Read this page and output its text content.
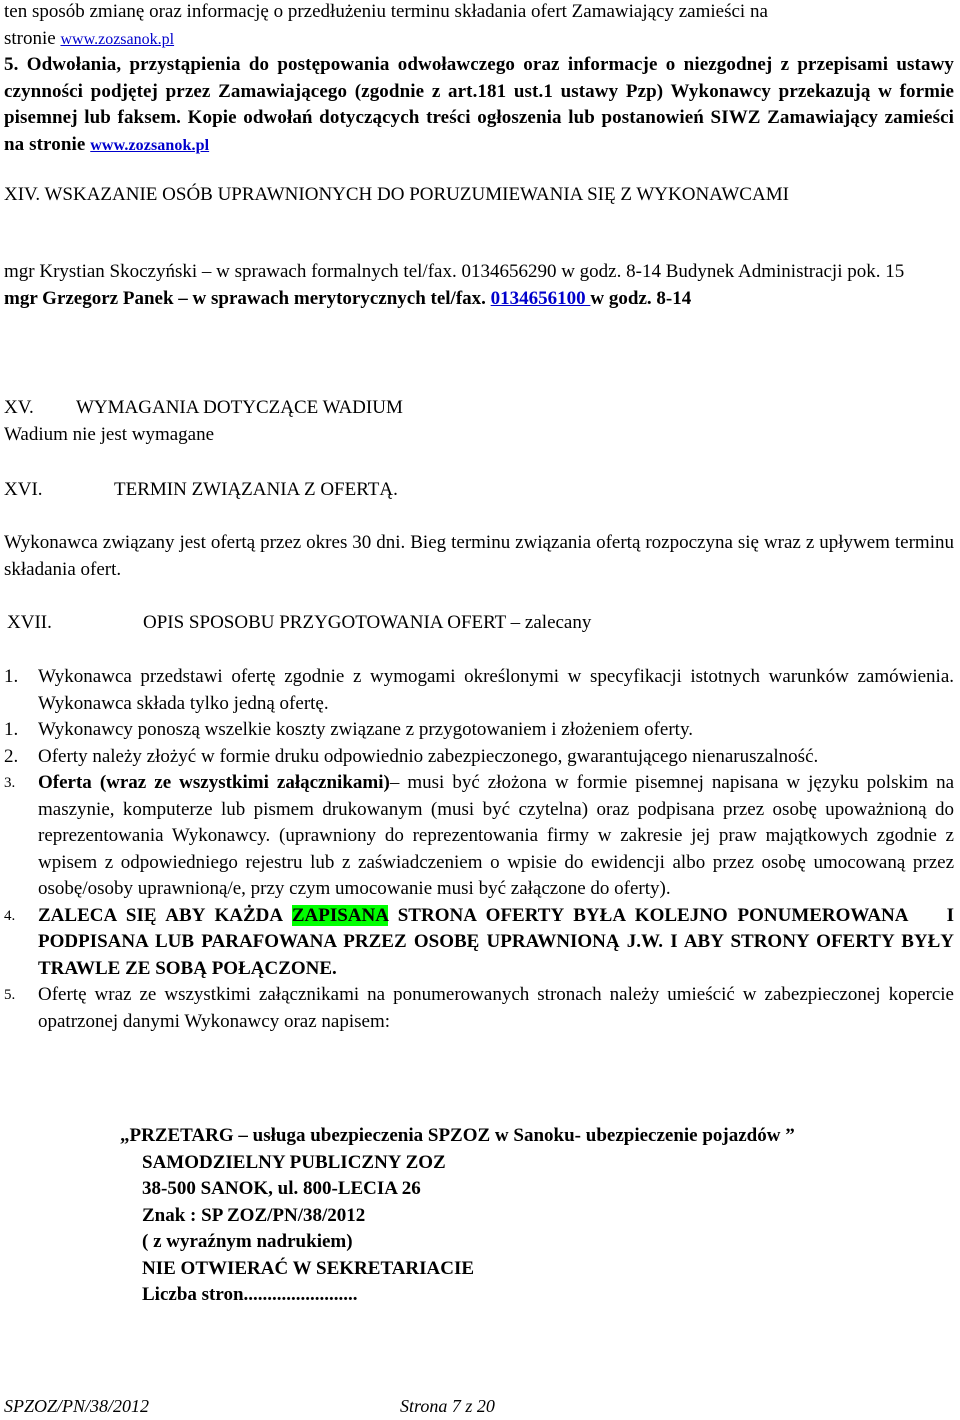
ten sposób zmianę oraz informację o przedłużeniu terminu składania ofert Zamawiający zamieści na

stronie www.zozsanok.pl

5. Odwołania, przystąpienia do postępowania odwoławczego oraz informacje o niezgodnej z przepisami ustawy czynności podjętej przez Zamawiającego (zgodnie z art.181 ust.1 ustawy Pzp) Wykonawcy przekazują w formie pisemnej lub faksem. Kopie odwołań dotyczących treści ogłoszenia lub postanowień SIWZ Zamawiający zamieści na stronie www.zozsanok.pl

XIV. WSKAZANIE OSÓB UPRAWNIONYCH DO PORUZUMIEWANIA SIĘ Z WYKONAWCAMI

mgr Krystian Skoczyński – w sprawach formalnych tel/fax. 0134656290 w godz. 8-14 Budynek Administracji pok. 15

mgr Grzegorz Panek – w sprawach merytorycznych tel/fax. 0134656100 w godz. 8-14

XV.	WYMAGANIA DOTYCZĄCE WADIUM

Wadium nie jest wymagane

XVI.	TERMIN ZWIĄZANIA Z OFERTĄ.

Wykonawca związany jest ofertą przez okres 30 dni. Bieg terminu związania ofertą rozpoczyna się wraz z upływem terminu składania ofert.

XVII.	OPIS SPOSOBU PRZYGOTOWANIA OFERT – zalecany
1.	Wykonawca przedstawi ofertę zgodnie z wymogami określonymi w specyfikacji istotnych warunków zamówienia. Wykonawca składa tylko jedną ofertę.
1.	Wykonawcy ponoszą wszelkie koszty związane z przygotowaniem i złożeniem oferty.
2.	Oferty należy złożyć w formie druku odpowiednio zabezpieczonego, gwarantującego nienaruszalność.
3.	Oferta (wraz ze wszystkimi załącznikami)– musi być złożona w formie pisemnej napisana w języku polskim na maszynie, komputerze lub pismem drukowanym (musi być czytelna) oraz podpisana przez osobę upoważnioną do reprezentowania Wykonawcy. (uprawniony do reprezentowania firmy w zakresie jej praw majątkowych zgodnie z wpisem z odpowiedniego rejestru lub z zaświadczeniem o wpisie do ewidencji albo przez osobę umocowaną przez osobę/osoby uprawnioną/e, przy czym umocowanie musi być załączone do oferty).
4.	ZALECA SIĘ ABY KAŻDA ZAPISANA STRONA OFERTY BYŁA KOLEJNO PONUMEROWANA    I PODPISANA LUB PARAFOWANA PRZEZ OSOBĘ UPRAWNIONĄ J.W. I ABY STRONY OFERTY BYŁY TRAWLE ZE SOBĄ POŁĄCZONE.
5.	Ofertę wraz ze wszystkimi załącznikami na ponumerowanych stronach należy umieścić w zabezpieczonej kopercie opatrzonej danymi Wykonawcy oraz napisem:

„PRZETARG – usługa ubezpieczenia SPZOZ w Sanoku- ubezpieczenie pojazdów ”

SAMODZIELNY PUBLICZNY ZOZ

38-500 SANOK, ul. 800-LECIA 26

Znak : SP ZOZ/PN/38/2012

( z wyraźnym nadrukiem)

NIE OTWIERAĆ W SEKRETARIACIE

Liczba stron........................

SPZOZ/PN/38/2012	Strona 7 z 20
